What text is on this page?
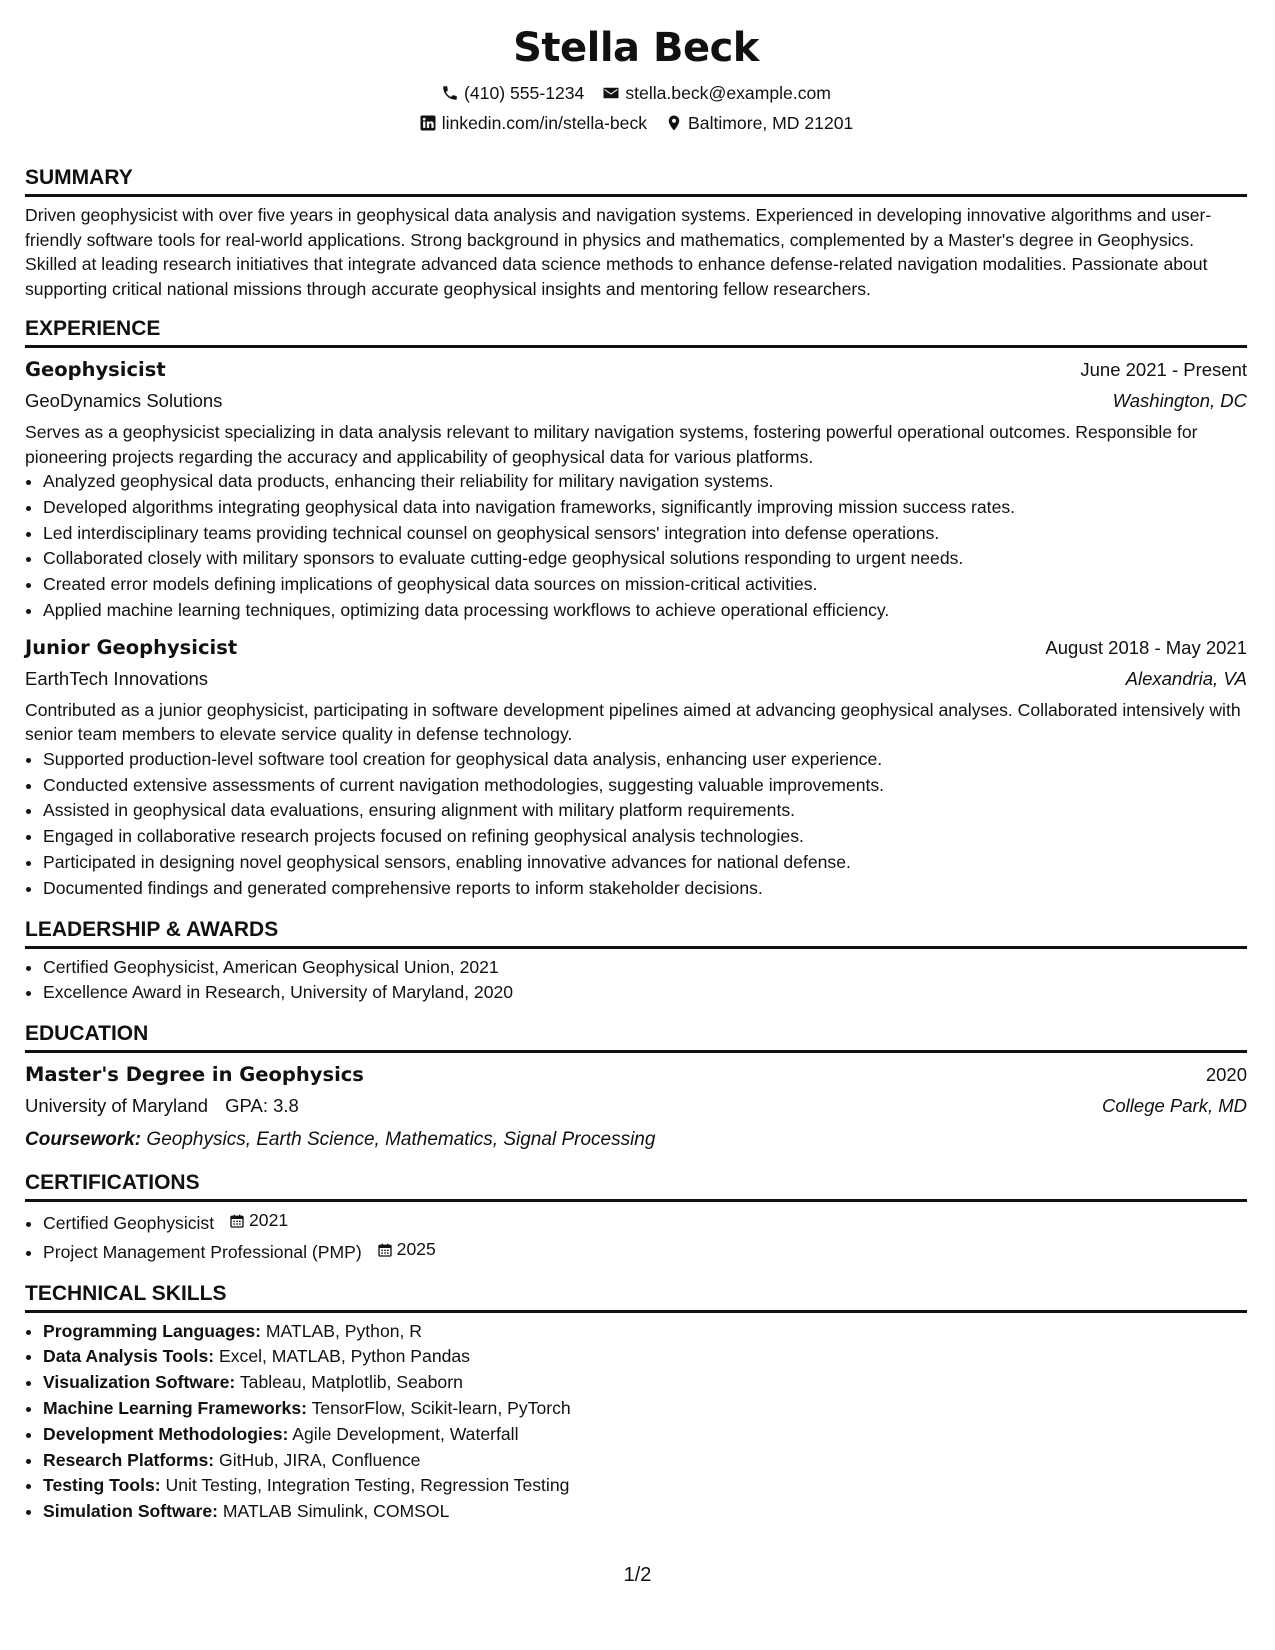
Stella Beck
(410) 555-1234 stella.beck@example.com
linkedin.com/in/stella-beck Baltimore, MD 21201
SUMMARY

Driven geophysicist with over five years in geophysical data analysis and navigation systems. Experienced in developing innovative algorithms and user-friendly software tools for real-world applications. Strong background in physics and mathematics, complemented by a Master's degree in Geophysics. Skilled at leading research initiatives that integrate advanced data science methods to enhance defense-related navigation modalities. Passionate about supporting critical national missions through accurate geophysical insights and mentoring fellow researchers.

EXPERIENCE
Geophysicist	June 2021 - Present
GeoDynamics Solutions	Washington, DC

Serves as a geophysicist specializing in data analysis relevant to military navigation systems, fostering powerful operational outcomes. Responsible for pioneering projects regarding the accuracy and applicability of geophysical data for various platforms.

• Analyzed geophysical data products, enhancing their reliability for military navigation systems.
• Developed algorithms integrating geophysical data into navigation frameworks, significantly improving mission success rates.
• Led interdisciplinary teams providing technical counsel on geophysical sensors' integration into defense operations.
• Collaborated closely with military sponsors to evaluate cutting-edge geophysical solutions responding to urgent needs.
• Created error models defining implications of geophysical data sources on mission-critical activities.
• Applied machine learning techniques, optimizing data processing workflows to achieve operational efficiency.
Junior Geophysicist	August 2018 - May 2021
EarthTech Innovations	Alexandria, VA

Contributed as a junior geophysicist, participating in software development pipelines aimed at advancing geophysical analyses. Collaborated intensively with senior team members to elevate service quality in defense technology.

• Supported production-level software tool creation for geophysical data analysis, enhancing user experience.
• Conducted extensive assessments of current navigation methodologies, suggesting valuable improvements.
• Assisted in geophysical data evaluations, ensuring alignment with military platform requirements.
• Engaged in collaborative research projects focused on refining geophysical analysis technologies.
• Participated in designing novel geophysical sensors, enabling innovative advances for national defense.
• Documented findings and generated comprehensive reports to inform stakeholder decisions.
LEADERSHIP & AWARDS
• Certified Geophysicist, American Geophysical Union, 2021
• Excellence Award in Research, University of Maryland, 2020
EDUCATION
Master's Degree in Geophysics	2020
University of Maryland GPA: 3.8	College Park, MD
Coursework: Geophysics, Earth Science, Mathematics, Signal Processing
CERTIFICATIONS
• Certified Geophysicist 2021
• Project Management Professional (PMP) 2025
TECHNICAL SKILLS
• Programming Languages: MATLAB, Python, R
• Data Analysis Tools: Excel, MATLAB, Python Pandas
• Visualization Software: Tableau, Matplotlib, Seaborn
• Machine Learning Frameworks: TensorFlow, Scikit-learn, PyTorch
• Development Methodologies: Agile Development, Waterfall
• Research Platforms: GitHub, JIRA, Confluence
• Testing Tools: Unit Testing, Integration Testing, Regression Testing
• Simulation Software: MATLAB Simulink, COMSOL
1/2
